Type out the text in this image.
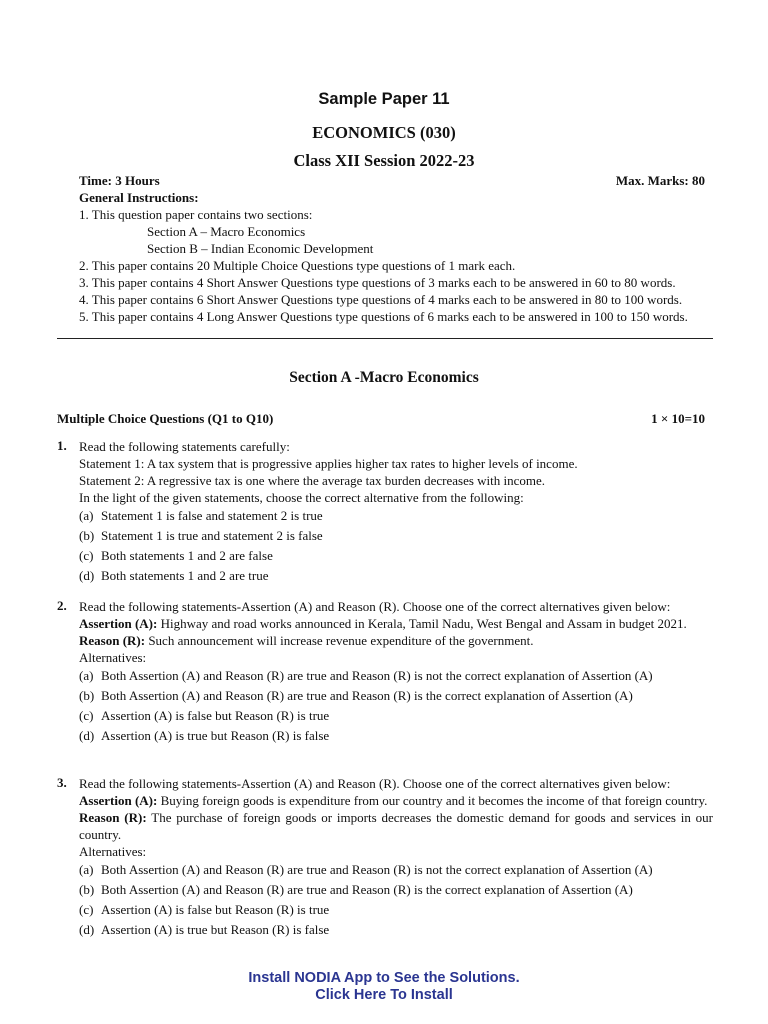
Sample Paper 11
ECONOMICS (030)
Class XII Session 2022-23
Time: 3 Hours	Max. Marks: 80
General Instructions:
1. This question paper contains two sections:
Section A – Macro Economics
Section B – Indian Economic Development
2. This paper contains 20 Multiple Choice Questions type questions of 1 mark each.
3. This paper contains 4 Short Answer Questions type questions of 3 marks each to be answered in 60 to 80 words.
4. This paper contains 6 Short Answer Questions type questions of 4 marks each to be answered in 80 to 100 words.
5. This paper contains 4 Long Answer Questions type questions of 6 marks each to be answered in 100 to 150 words.
Section A -Macro Economics
Multiple Choice Questions (Q1 to Q10)	1 × 10=10
1. Read the following statements carefully:
Statement 1: A tax system that is progressive applies higher tax rates to higher levels of income.
Statement 2: A regressive tax is one where the average tax burden decreases with income.
In the light of the given statements, choose the correct alternative from the following:
(a) Statement 1 is false and statement 2 is true
(b) Statement 1 is true and statement 2 is false
(c) Both statements 1 and 2 are false
(d) Both statements 1 and 2 are true
2. Read the following statements-Assertion (A) and Reason (R). Choose one of the correct alternatives given below:
Assertion (A): Highway and road works announced in Kerala, Tamil Nadu, West Bengal and Assam in budget 2021.
Reason (R): Such announcement will increase revenue expenditure of the government.
Alternatives:
(a) Both Assertion (A) and Reason (R) are true and Reason (R) is not the correct explanation of Assertion (A)
(b) Both Assertion (A) and Reason (R) are true and Reason (R) is the correct explanation of Assertion (A)
(c) Assertion (A) is false but Reason (R) is true
(d) Assertion (A) is true but Reason (R) is false
3. Read the following statements-Assertion (A) and Reason (R). Choose one of the correct alternatives given below:
Assertion (A): Buying foreign goods is expenditure from our country and it becomes the income of that foreign country.
Reason (R): The purchase of foreign goods or imports decreases the domestic demand for goods and services in our country.
Alternatives:
(a) Both Assertion (A) and Reason (R) are true and Reason (R) is not the correct explanation of Assertion (A)
(b) Both Assertion (A) and Reason (R) are true and Reason (R) is the correct explanation of Assertion (A)
(c) Assertion (A) is false but Reason (R) is true
(d) Assertion (A) is true but Reason (R) is false
Install NODIA App to See the Solutions.
Click Here To Install
